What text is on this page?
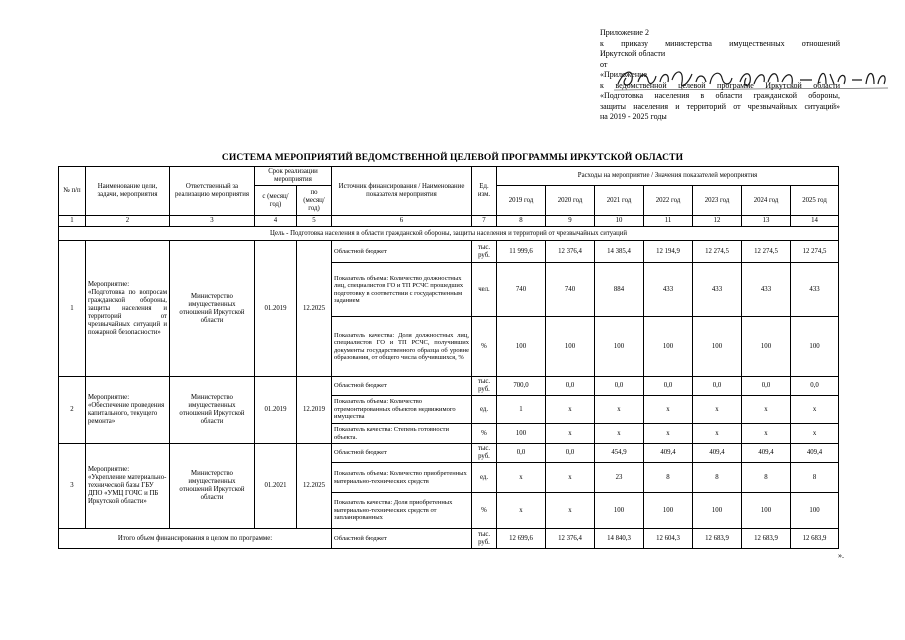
Приложение 2
к приказу министерства имущественных отношений
Иркутской области
от
«Приложение
к ведомственной целевой программе Иркутской области
«Подготовка населения в области гражданской обороны,
защиты населения и территорий от чрезвычайных ситуаций»
на 2019 - 2025 годы
СИСТЕМА МЕРОПРИЯТИЙ ВЕДОМСТВЕННОЙ ЦЕЛЕВОЙ ПРОГРАММЫ ИРКУТСКОЙ ОБЛАСТИ
№ п/п	Наименование цели, задачи, мероприятия	Ответственный за реализацию мероприятия	Срок реализации мероприятия		Источник финансирования / Наименование показателя мероприятия	Ед. изм.	Расходы на мероприятие / Значения показателей мероприятия						
			с (месяц/ год)	по (месяц/ год)			2019 год	2020 год	2021 год	2022 год	2023 год	2024 год	2025 год
1	2	3	4	5	6	7	8	9	10	11	12	13	14
Цель - Подготовка населения в области гражданской обороны, защиты населения и территорий от чрезвычайных ситуаций													
1	Мероприятие: «Подготовка по вопросам гражданской обороны, защиты населения и территорий от чрезвычайных ситуаций и пожарной безопасности»	Министерство имущественных отношений Иркутской области	01.2019	12.2025	Областной бюджет	тыс. руб.	11 999,6	12 376,4	14 385,4	12 194,9	12 274,5	12 274,5	12 274,5
					Показатель объема: Количество должностных лиц, специалистов ГО и ТП РСЧС прошедших подготовку в соответствии с государственным заданием	чел.	740	740	884	433	433	433	433
					Показатель качества: Доля должностных лиц, специалистов ГО и ТП РСЧС, получивших документы государственного образца об уровне образования, от общего числа обучившихся, %	%	100	100	100	100	100	100	100
2	Мероприятие: «Обеспечение проведения капитального, текущего ремонта»	Министерство имущественных отношений Иркутской области	01.2019	12.2019	Областной бюджет	тыс. руб.	700,0	0,0	0,0	0,0	0,0	0,0	0,0
					Показатель объема: Количество отремонтированных объектов недвижимого имущества	ед.	1	х	х	х	х	х	х
					Показатель качества: Степень готовности объекта.	%	100	х	х	х	х	х	х
3	Мероприятие: «Укрепление материально-технической базы ГБУ ДПО «УМЦ ГОЧС и ПБ Иркутской области»	Министерство имущественных отношений Иркутской области	01.2021	12.2025	Областной бюджет	тыс. руб.	0,0	0,0	454,9	409,4	409,4	409,4	409,4
					Показатель объема: Количество приобретенных материально-технических средств	ед.	х	х	23	8	8	8	8
					Показатель качества: Доля приобретенных материально-технических средств от запланированных	%	х	х	100	100	100	100	100
Итого объем финансирования в целом по программе:					Областной бюджет	тыс. руб.	12 699,6	12 376,4	14 840,3	12 604,3	12 683,9	12 683,9	12 683,9
».
